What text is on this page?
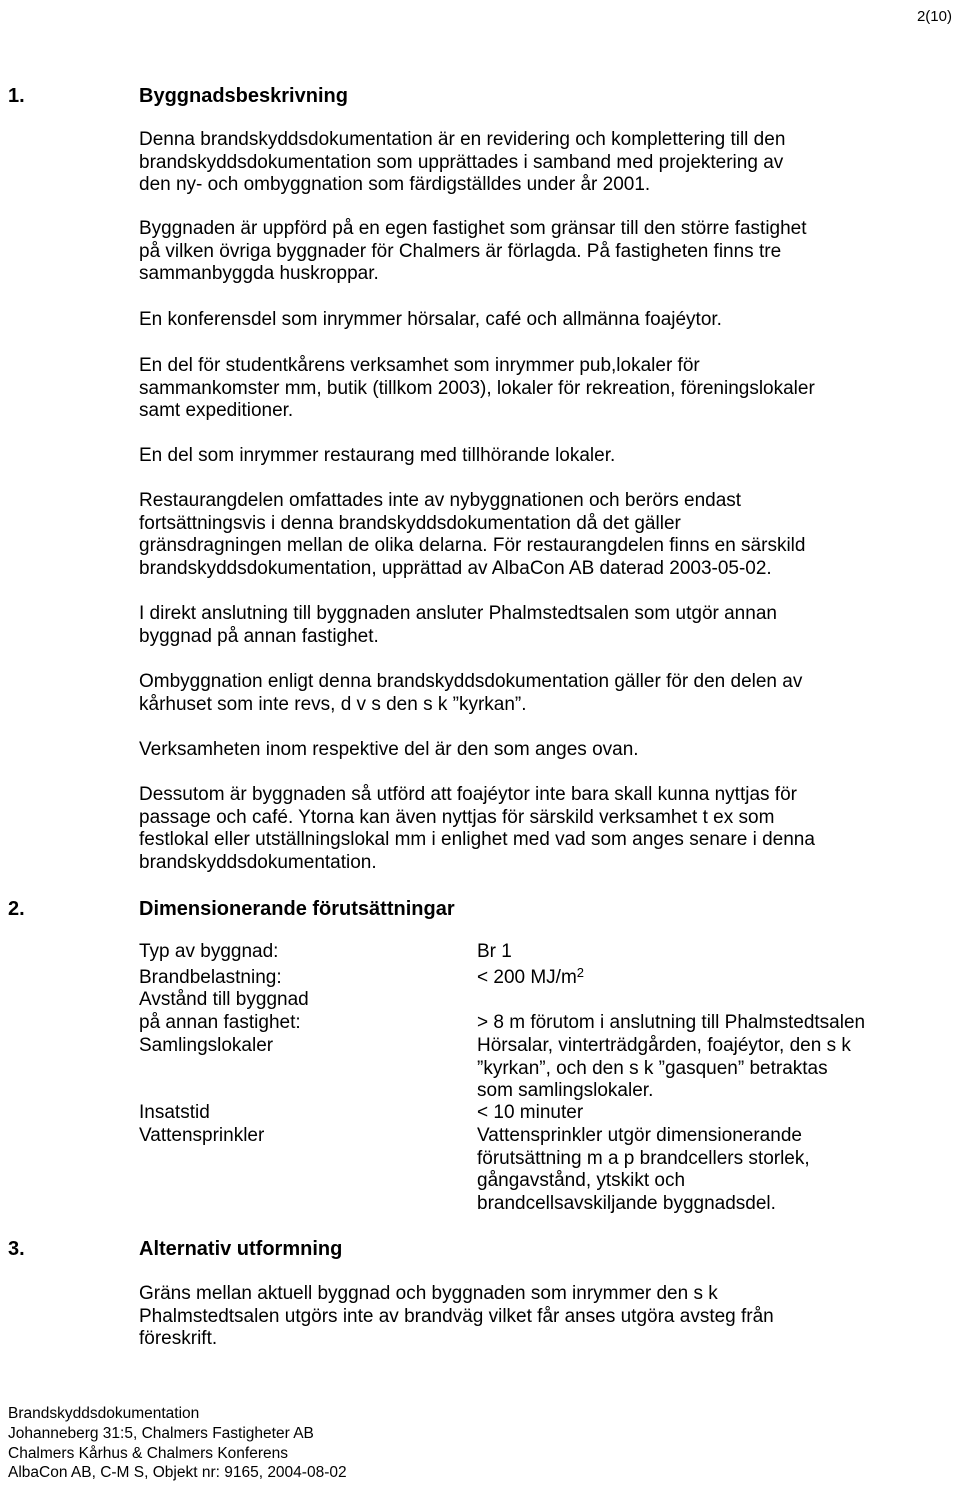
2(10)
1.	Byggnadsbeskrivning
Denna brandskyddsdokumentation är en revidering och komplettering till den
brandskyddsdokumentation som upprättades i samband med projektering av
den ny- och ombyggnation som färdigställdes under år 2001.
Byggnaden är uppförd på en egen fastighet som gränsar till den större fastighet
på vilken övriga byggnader för Chalmers är förlagda. På fastigheten finns tre
sammanbyggda huskroppar.
En konferensdel som inrymmer hörsalar, café och allmänna foajéytor.
En del för studentkårens verksamhet som inrymmer pub,lokaler för
sammankomster mm, butik (tillkom 2003), lokaler för rekreation, föreningslokaler
samt expeditioner.
En del som inrymmer restaurang med tillhörande lokaler.
Restaurangdelen omfattades inte av nybyggnationen och berörs endast
fortsättningsvis i denna brandskyddsdokumentation då det gäller
gränsdragningen mellan de olika delarna. För restaurangdelen finns en särskild
brandskyddsdokumentation, upprättad av AlbaCon AB daterad 2003-05-02.
I direkt anslutning till byggnaden ansluter Phalmstedtsalen som utgör annan
byggnad på annan fastighet.
Ombyggnation enligt denna brandskyddsdokumentation gäller för den delen av
kårhuset som inte revs, d v s den s k ”kyrkan”.
Verksamheten inom respektive del är den som anges ovan.
Dessutom är byggnaden så utförd att foajéytor inte bara skall kunna nyttjas för
passage och café. Ytorna kan även nyttjas för särskild verksamhet t ex som
festlokal eller utställningslokal mm i enlighet med vad som anges senare i denna
brandskyddsdokumentation.
2.	Dimensionerande förutsättningar
Typ av byggnad:	Br 1
Brandbelastning:	< 200 $MJ/m^2$
Avstånd till byggnad
på annan fastighet:
	> 8 m förutom i anslutning till Phalmstedtsalen
Samlingslokaler	Hörsalar, vinterträdgården, foajéytor, den s k
”kyrkan”, och den s k ”gasquen” betraktas
som samlingslokaler.
Insatstid	< 10 minuter
Vattensprinkler	Vattensprinkler utgör dimensionerande
förutsättning m a p brandcellers storlek,
gångavstånd, ytskikt och
brandcellsavskiljande byggnadsdel.
3.	Alternativ utformning
Gräns mellan aktuell byggnad och byggnaden som inrymmer den s k
Phalmstedtsalen utgörs inte av brandväg vilket får anses utgöra avsteg från
föreskrift.
Brandskyddsdokumentation
Johanneberg 31:5, Chalmers Fastigheter AB
Chalmers Kårhus & Chalmers Konferens
AlbaCon AB, C-M S, Objekt nr: 9165, 2004-08-02
